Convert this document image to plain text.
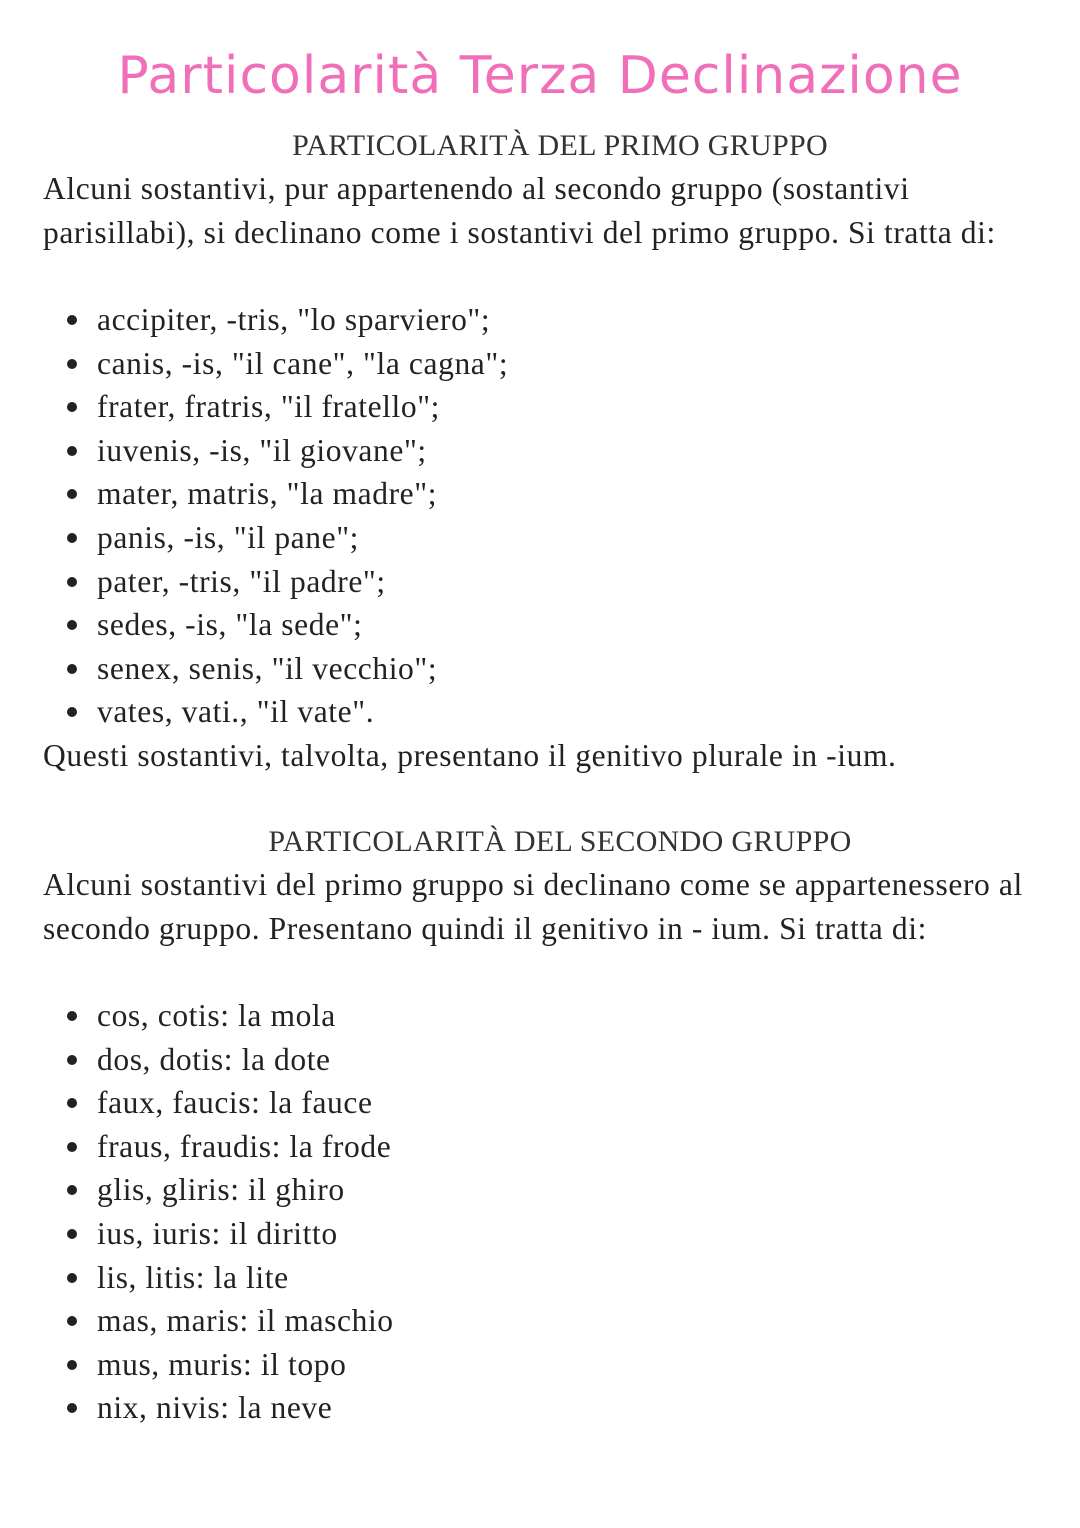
Particolarità Terza Declinazione
PARTICOLARITÀ DEL PRIMO GRUPPO

Alcuni sostantivi, pur appartenendo al secondo gruppo (sostantivi parisillabi), si declinano come i sostantivi del primo gruppo. Si tratta di:

accipiter, -tris, "lo sparviero";
canis, -is, "il cane", "la cagna";
frater, fratris, "il fratello";
iuvenis, -is, "il giovane";
mater, matris, "la madre";
panis, -is, "il pane";
pater, -tris, "il padre";
sedes, -is, "la sede";
senex, senis, "il vecchio";
vates, vati., "il vate".

Questi sostantivi, talvolta, presentano il genitivo plurale in -ium.

PARTICOLARITÀ DEL SECONDO GRUPPO

Alcuni sostantivi del primo gruppo si declinano come se appartenessero al secondo gruppo. Presentano quindi il genitivo in - ium. Si tratta di:

cos, cotis: la mola
dos, dotis: la dote
faux, faucis: la fauce
fraus, fraudis: la frode
glis, gliris: il ghiro
ius, iuris: il diritto
lis, litis: la lite
mas, maris: il maschio
mus, muris: il topo
nix, nivis: la neve
